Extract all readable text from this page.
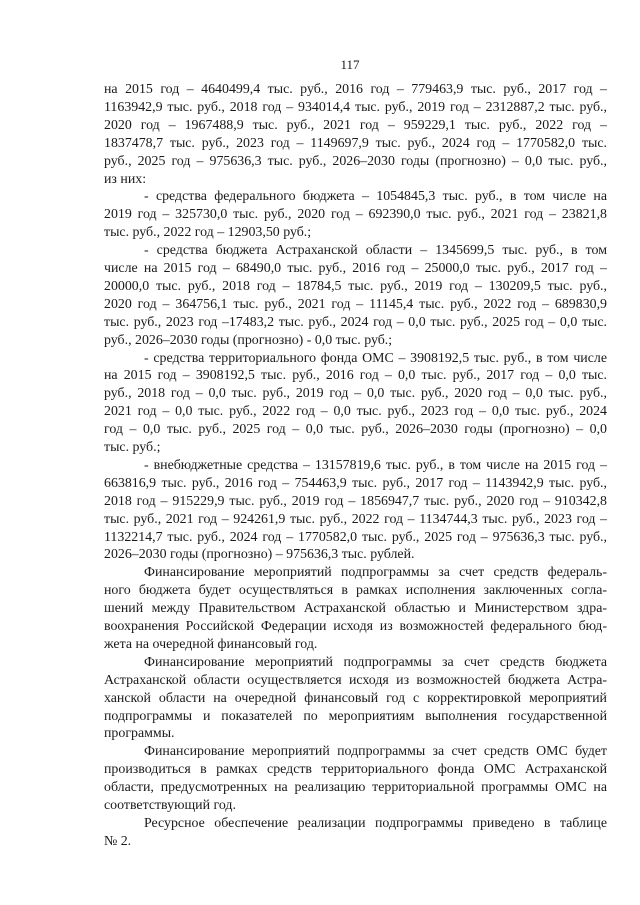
117
на 2015 год – 4640499,4 тыс. руб., 2016 год – 779463,9 тыс. руб., 2017 год –
1163942,9 тыс. руб., 2018 год – 934014,4 тыс. руб., 2019 год – 2312887,2 тыс. руб.,
2020 год – 1967488,9 тыс. руб., 2021 год – 959229,1 тыс. руб., 2022 год –
1837478,7 тыс. руб., 2023 год – 1149697,9 тыс. руб., 2024 год – 1770582,0 тыс.
руб., 2025 год – 975636,3 тыс. руб., 2026–2030 годы (прогнозно) – 0,0 тыс. руб.,
из них:
- средства федерального бюджета – 1054845,3 тыс. руб., в том числе на
2019 год – 325730,0 тыс. руб., 2020 год – 692390,0 тыс. руб., 2021 год – 23821,8
тыс. руб., 2022 год – 12903,50 руб.;
- средства бюджета Астраханской области – 1345699,5 тыс. руб., в том
числе на 2015 год – 68490,0 тыс. руб., 2016 год – 25000,0 тыс. руб., 2017 год –
20000,0 тыс. руб., 2018 год – 18784,5 тыс. руб., 2019 год – 130209,5 тыс. руб.,
2020 год – 364756,1 тыс. руб., 2021 год – 11145,4 тыс. руб., 2022 год – 689830,9
тыс. руб., 2023 год –17483,2 тыс. руб., 2024 год – 0,0 тыс. руб., 2025 год – 0,0 тыс.
руб., 2026–2030 годы (прогнозно) - 0,0 тыс. руб.;
- средства территориального фонда ОМС – 3908192,5 тыс. руб., в том числе
на 2015 год – 3908192,5 тыс. руб., 2016 год – 0,0 тыс. руб., 2017 год – 0,0 тыс.
руб., 2018 год – 0,0 тыс. руб., 2019 год – 0,0 тыс. руб., 2020 год – 0,0 тыс. руб.,
2021 год – 0,0 тыс. руб., 2022 год – 0,0 тыс. руб., 2023 год – 0,0 тыс. руб., 2024
год – 0,0 тыс. руб., 2025 год – 0,0 тыс. руб., 2026–2030 годы (прогнозно) – 0,0
тыс. руб.;
- внебюджетные средства – 13157819,6 тыс. руб., в том числе на 2015 год –
663816,9 тыс. руб., 2016 год – 754463,9 тыс. руб., 2017 год – 1143942,9 тыс. руб.,
2018 год – 915229,9 тыс. руб., 2019 год – 1856947,7 тыс. руб., 2020 год – 910342,8
тыс. руб., 2021 год – 924261,9 тыс. руб., 2022 год – 1134744,3 тыс. руб., 2023 год –
1132214,7 тыс. руб., 2024 год – 1770582,0 тыс. руб., 2025 год – 975636,3 тыс. руб.,
2026–2030 годы (прогнозно) – 975636,3 тыс. рублей.
Финансирование мероприятий подпрограммы за счет средств федераль-
ного бюджета будет осуществляться в рамках исполнения заключенных согла-
шений между Правительством Астраханской областью и Министерством здра-
воохранения Российской Федерации исходя из возможностей федерального бюд-
жета на очередной финансовый год.
Финансирование мероприятий подпрограммы за счет средств бюджета
Астраханской области осуществляется исходя из возможностей бюджета Астра-
ханской области на очередной финансовый год с корректировкой мероприятий
подпрограммы и показателей по мероприятиям выполнения государственной
программы.
Финансирование мероприятий подпрограммы за счет средств ОМС будет
производиться в рамках средств территориального фонда ОМС Астраханской
области, предусмотренных на реализацию территориальной программы ОМС на
соответствующий год.
Ресурсное обеспечение реализации подпрограммы приведено в таблице
№ 2.
